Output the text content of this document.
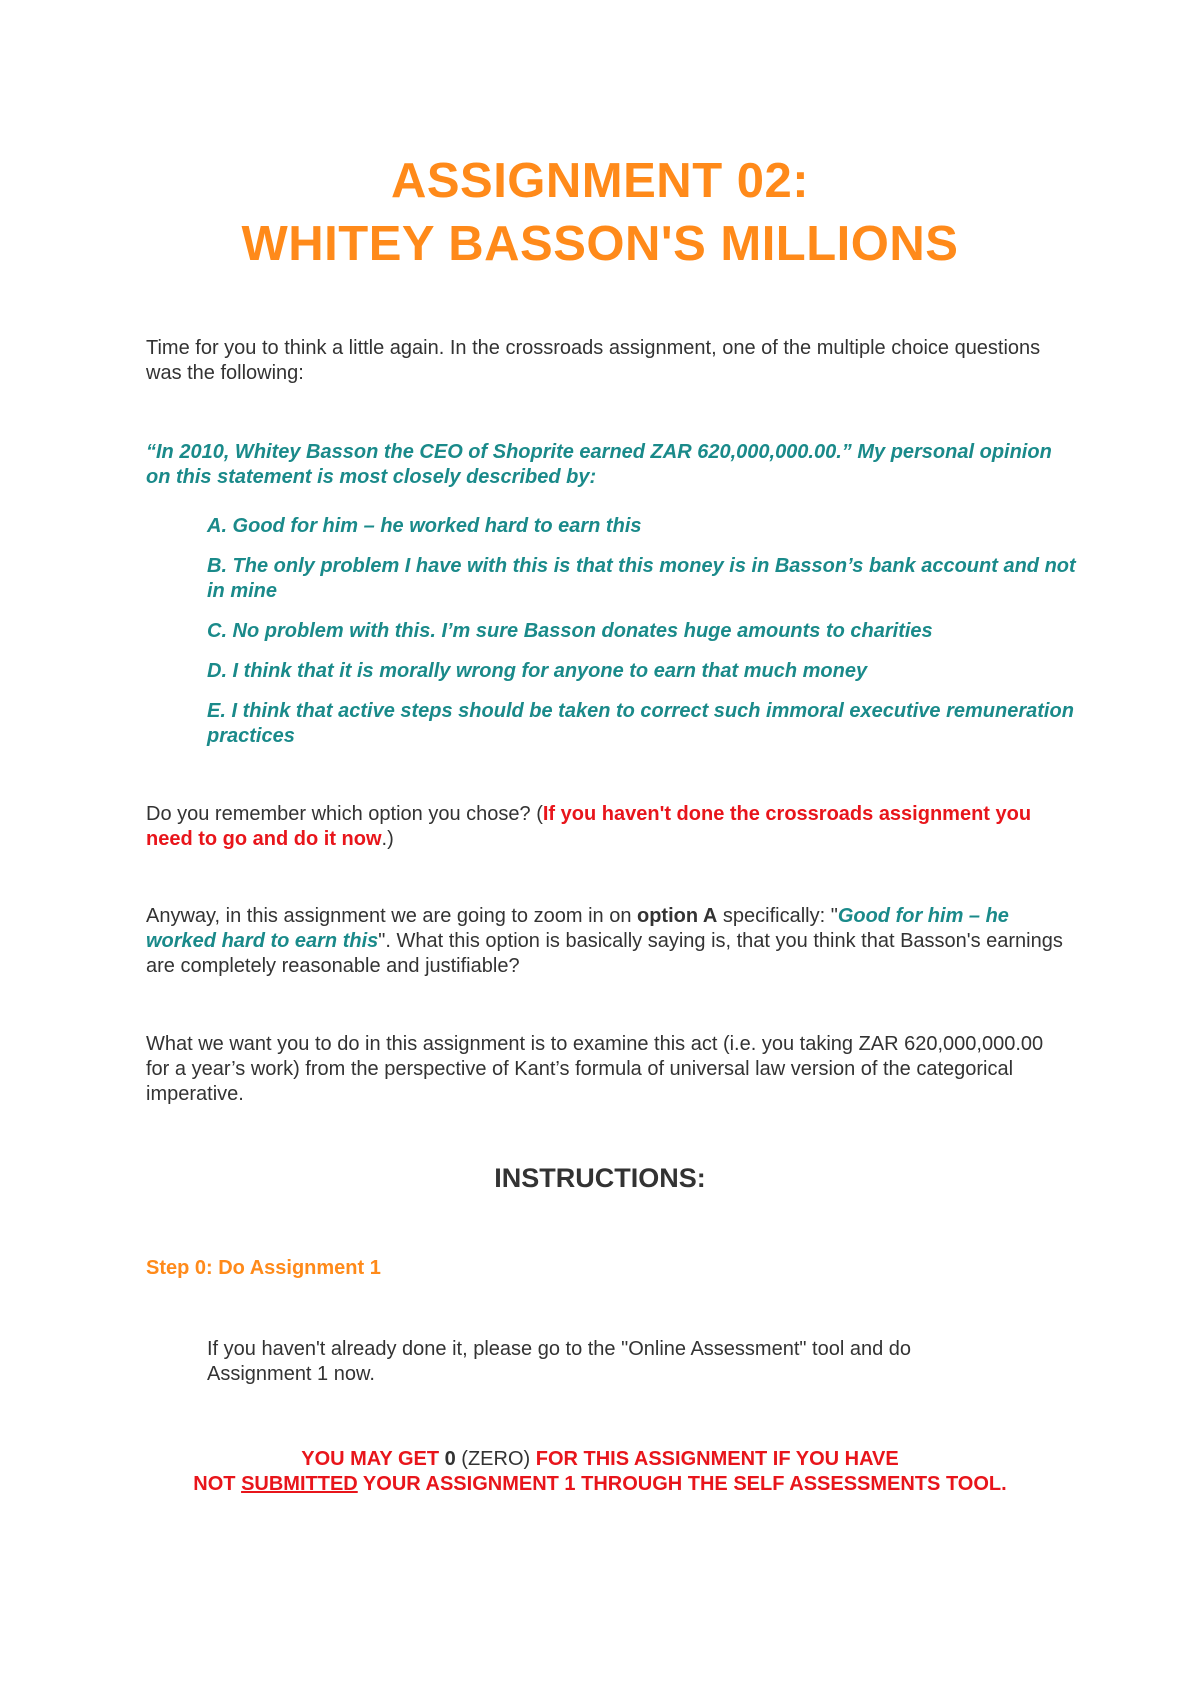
ASSIGNMENT 02:
WHITEY BASSON'S MILLIONS
Time for you to think a little again. In the crossroads assignment, one of the multiple choice questions was the following:
“In 2010, Whitey Basson the CEO of Shoprite earned ZAR 620,000,000.00.” My personal opinion on this statement is most closely described by:
A. Good for him – he worked hard to earn this
B. The only problem I have with this is that this money is in Basson’s bank account and not in mine
C. No problem with this. I’m sure Basson donates huge amounts to charities
D. I think that it is morally wrong for anyone to earn that much money
E. I think that active steps should be taken to correct such immoral executive remuneration practices
Do you remember which option you chose? (If you haven't done the crossroads assignment you need to go and do it now.)
Anyway, in this assignment we are going to zoom in on option A specifically: "Good for him – he worked hard to earn this". What this option is basically saying is, that you think that Basson's earnings are completely reasonable and justifiable?
What we want you to do in this assignment is to examine this act (i.e. you taking ZAR 620,000,000.00 for a year’s work) from the perspective of Kant’s formula of universal law version of the categorical imperative.
INSTRUCTIONS:
Step 0: Do Assignment 1
If you haven't already done it, please go to the "Online Assessment" tool and do Assignment 1 now.
YOU MAY GET 0 (ZERO) FOR THIS ASSIGNMENT IF YOU HAVE
NOT SUBMITTED YOUR ASSIGNMENT 1 THROUGH THE SELF ASSESSMENTS TOOL.
